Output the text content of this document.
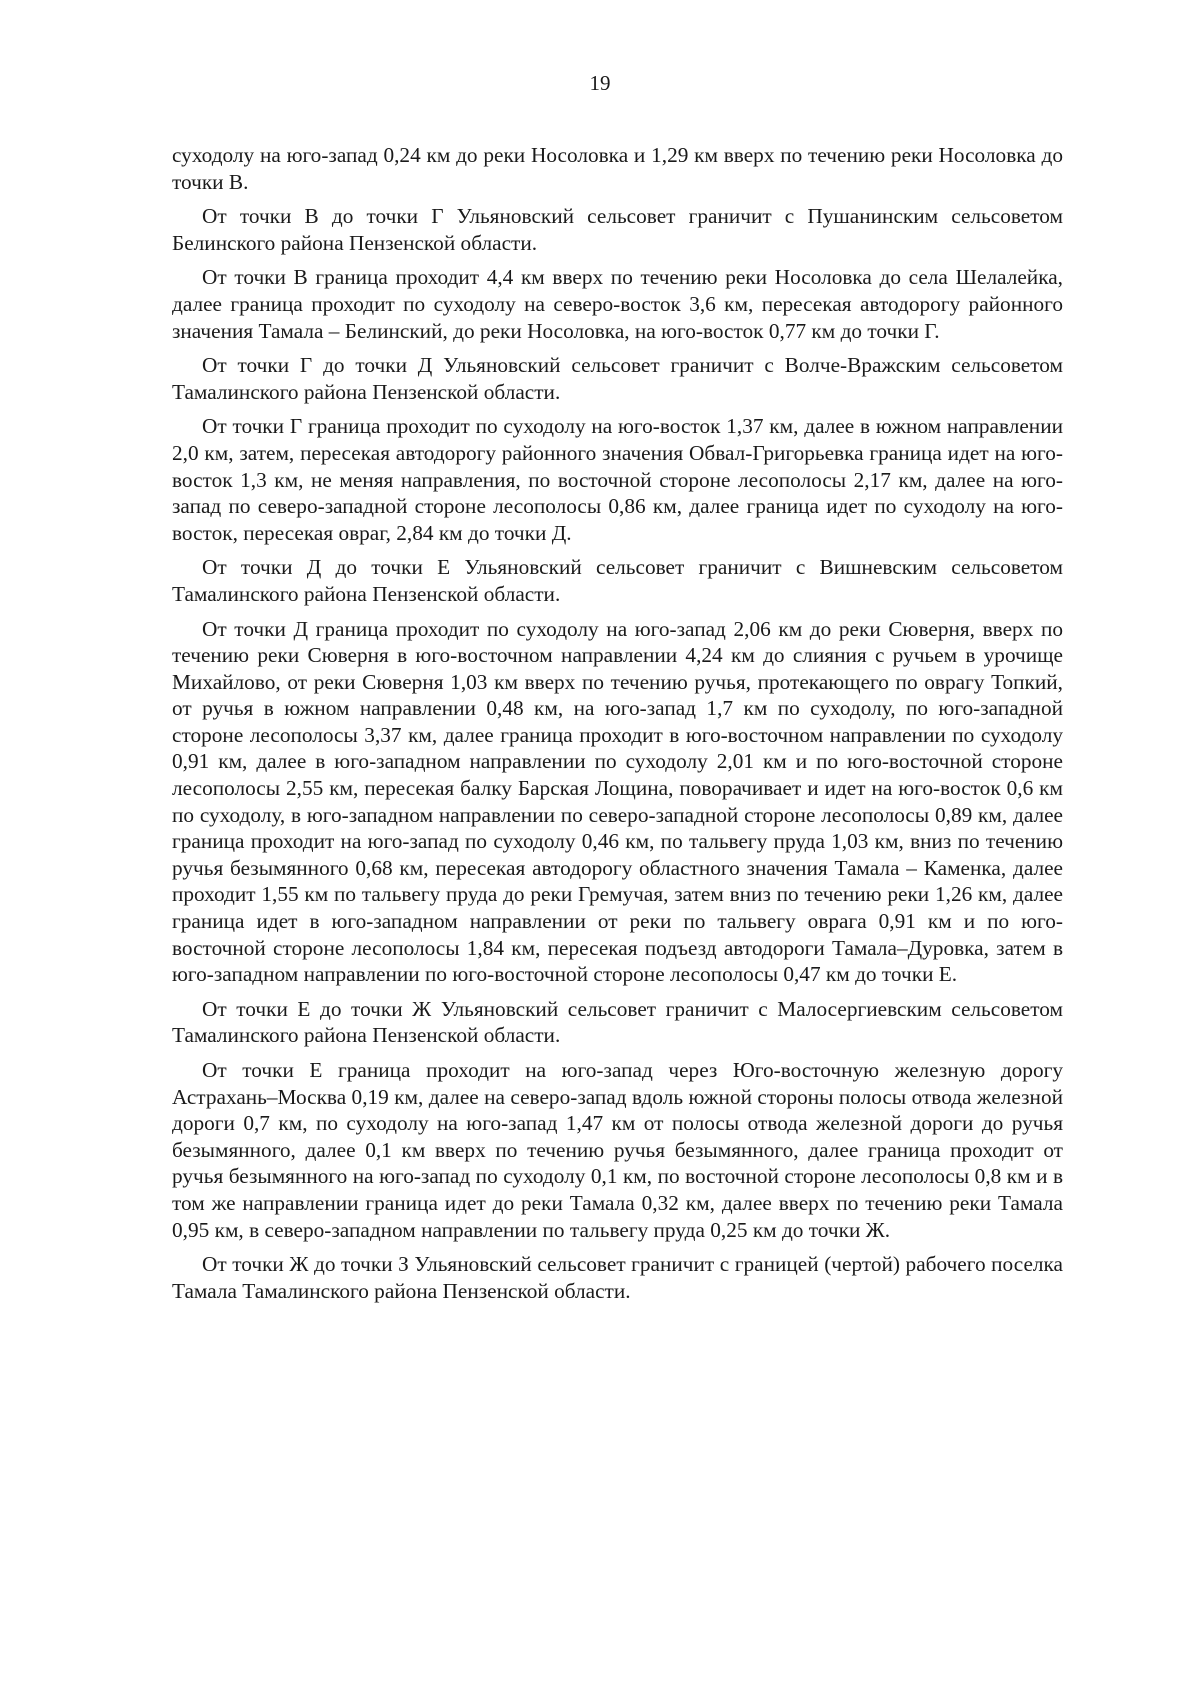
19

суходолу на юго-запад 0,24 км до реки Носоловка и 1,29 км вверх по течению реки Носоловка до точки В.

От точки В до точки Г Ульяновский сельсовет граничит с Пушанинским сельсоветом Белинского района Пензенской области.

От точки В граница проходит 4,4 км вверх по течению реки Носоловка до села Шелалейка, далее граница проходит по суходолу на северо-восток 3,6 км, пересекая автодорогу районного значения Тамала – Белинский, до реки Носоловка, на юго-восток 0,77 км до точки Г.

От точки Г до точки Д Ульяновский сельсовет граничит с Волче-Вражским сельсоветом Тамалинского района Пензенской области.

От точки Г граница проходит по суходолу на юго-восток 1,37 км, далее в южном направлении 2,0 км, затем, пересекая автодорогу районного значения Обвал-Григорьевка граница идет на юго-восток 1,3 км, не меняя направления, по восточной стороне лесополосы 2,17 км, далее на юго-запад по северо-западной стороне лесополосы 0,86 км, далее граница идет по суходолу на юго-восток, пересекая овраг, 2,84 км до точки Д.

От точки Д до точки Е Ульяновский сельсовет граничит с Вишневским сельсоветом Тамалинского района Пензенской области.

От точки Д граница проходит по суходолу на юго-запад 2,06 км до реки Сюверня, вверх по течению реки Сюверня в юго-восточном направлении 4,24 км до слияния с ручьем в урочище Михайлово, от реки Сюверня 1,03 км вверх по течению ручья, протекающего по оврагу Топкий, от ручья в южном направлении 0,48 км, на юго-запад 1,7 км по суходолу, по юго-западной стороне лесополосы 3,37 км, далее граница проходит в юго-восточном направлении по суходолу 0,91 км, далее в юго-западном направлении по суходолу 2,01 км и по юго-восточной стороне лесополосы 2,55 км, пересекая балку Барская Лощина, поворачивает и идет на юго-восток 0,6 км по суходолу, в юго-западном направлении по северо-западной стороне лесополосы 0,89 км, далее граница проходит на юго-запад по суходолу 0,46 км, по тальвегу пруда 1,03 км, вниз по течению ручья безымянного 0,68 км, пересекая автодорогу областного значения Тамала – Каменка, далее проходит 1,55 км по тальвегу пруда до реки Гремучая, затем вниз по течению реки 1,26 км, далее граница идет в юго-западном направлении от реки по тальвегу оврага 0,91 км и по юго-восточной стороне лесополосы 1,84 км, пересекая подъезд автодороги Тамала–Дуровка, затем в юго-западном направлении по юго-восточной стороне лесополосы 0,47 км до точки Е.

От точки Е до точки Ж Ульяновский сельсовет граничит с Малосергиевским сельсоветом Тамалинского района Пензенской области.

От точки Е граница проходит на юго-запад через Юго-восточную железную дорогу Астрахань–Москва 0,19 км, далее на северо-запад вдоль южной стороны полосы отвода железной дороги 0,7 км, по суходолу на юго-запад 1,47 км от полосы отвода железной дороги до ручья безымянного, далее 0,1 км вверх по течению ручья безымянного, далее граница проходит от ручья безымянного на юго-запад по суходолу 0,1 км, по восточной стороне лесополосы 0,8 км и в том же направлении граница идет до реки Тамала 0,32 км, далее вверх по течению реки Тамала 0,95 км, в северо-западном направлении по тальвегу пруда 0,25 км до точки Ж.

От точки Ж до точки З Ульяновский сельсовет граничит с границей (чертой) рабочего поселка Тамала Тамалинского района Пензенской области.
